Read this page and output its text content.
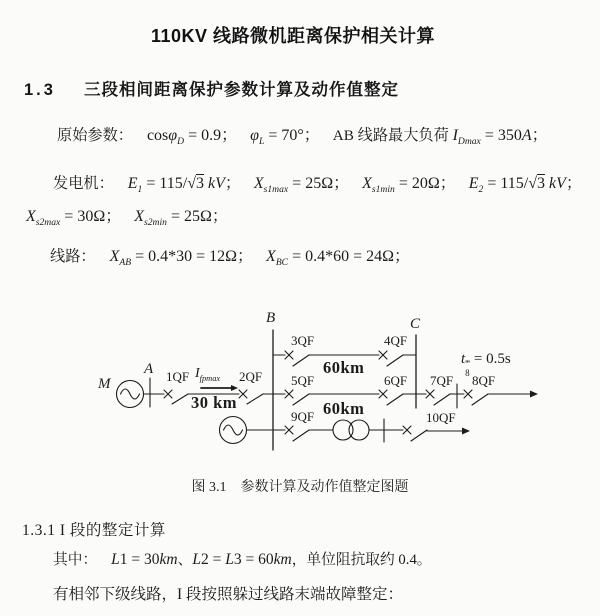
110KV 线路微机距离保护相关计算
1.3 三段相间距离保护参数计算及动作值整定
原始参数： cosφ$_D$ = 0.9； $\varphi_L = 70^\circ$； AB 线路最大负荷 $I_{Dmax} = 350A$；
发电机： $E_1 = 115/√3$ kV； $X_{s1max} = 25\Omega$； $X_{s1min} = 20\Omega$； $E_2 = 115/√3$ kV；
$X_{s2max} = 30\Omega$； $X_{s2min} = 25\Omega$；
线路： $X_{AB} = 0.4*30 = 12\Omega$； $X_{BC} = 0.4*60 = 24\Omega$；
M
A 1QF $I_{fpmax}$
30 km
2QF
B
3QF	4QF
60km
5QF	6QF
60km
C
7QF 8QF
t ‴
8
= 0.5s
9QF	10QF
图 3.1 参数计算及动作值整定图题
1.3.1 I 段的整定计算
其中： L1 = 30km、L2 = L3 = 60km，单位阻抗取约 0.4。
有相邻下级线路，I 段按照躲过线路末端故障整定：
